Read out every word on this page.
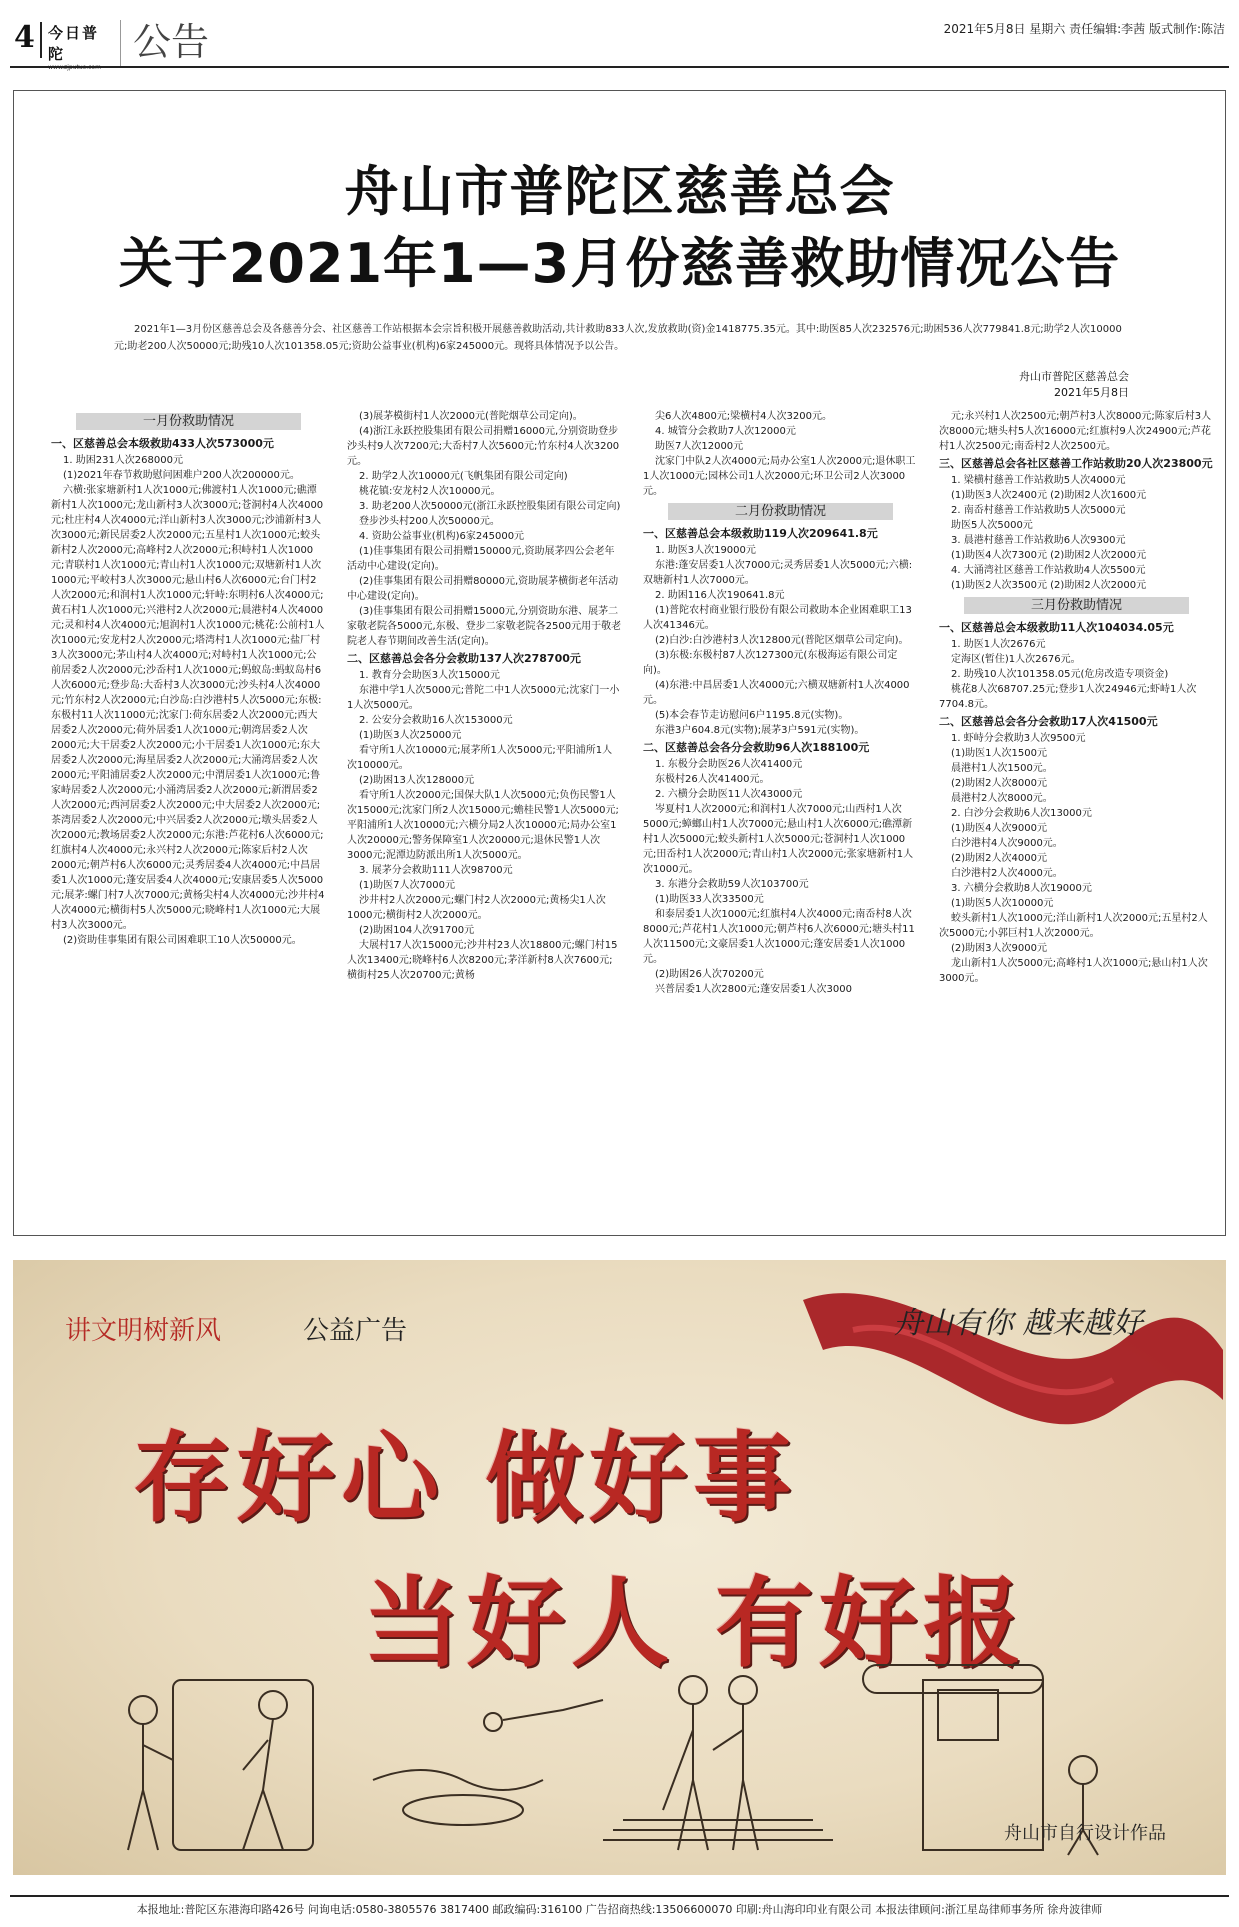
4 今日普陀	公告	2021年5月8日 星期六 责任编辑:李茜 版式制作:陈洁
舟山市普陀区慈善总会
关于2021年1—3月份慈善救助情况公告
2021年1—3月份区慈善总会及各慈善分会、社区慈善工作站根据本会宗旨积极开展慈善救助活动,共计救助833人次,发放救助(资)金1418775.35元。其中:助医85人次232576元;助困536人次779841.8元;助学2人次10000元;助老200人次50000元;助残10人次101358.05元;资助公益事业(机构)6家245000元。现将具体情况予以公告。
舟山市普陀区慈善总会
2021年5月8日
一月份救助情况

一、区慈善总会本级救助433人次573000元

1. 助困231人次268000元

(1)2021年春节救助慰问困难户200人次200000元。

六横:张家塘新村1人次1000元;佛渡村1人次1000元;礁潭新村1人次1000元;龙山新村3人次3000元;苍洞村4人次4000元;杜庄村4人次4000元;洋山新村3人次3000元;沙浦新村3人次3000元;新民居委2人次2000元;五星村1人次1000元;蛟头新村2人次2000元;高峰村2人次2000元;积峙村1人次1000元;青联村1人次1000元;青山村1人次1000元;双塘新村1人次1000元;平峧村3人次3000元;悬山村6人次6000元;台门村2人次2000元;和润村1人次1000元;轩峙:东明村6人次4000元;黄石村1人次1000元;兴港村2人次2000元;晨港村4人次4000元;灵和村4人次4000元;旭润村1人次1000元;桃花:公前村1人次1000元;安龙村2人次2000元;塔湾村1人次1000元;盐厂村3人次3000元;茅山村4人次4000元;对峙村1人次1000元;公前居委2人次2000元;沙岙村1人次1000元;蚂蚁岛:蚂蚁岛村6人次6000元;登步岛:大岙村3人次3000元;沙头村4人次4000元;竹东村2人次2000元;白沙岛:白沙港村5人次5000元;东极:东极村11人次11000元;沈家门:荷东居委2人次2000元;西大居委2人次2000元;荷外居委1人次1000元;朝湾居委2人次2000元;大干居委2人次2000元;小干居委1人次1000元;东大居委2人次2000元;海星居委2人次2000元;大涌湾居委2人次2000元;平阳浦居委2人次2000元;中渭居委1人次1000元;鲁家峙居委2人次2000元;小涌湾居委2人次2000元;新渭居委2人次2000元;西河居委2人次2000元;中大居委2人次2000元;茶湾居委2人次2000元;中兴居委2人次2000元;墩头居委2人次2000元;教场居委2人次2000元;东港:芦花村6人次6000元;红旗村4人次4000元;永兴村2人次2000元;陈家后村2人次2000元;朝芦村6人次6000元;灵秀居委4人次4000元;中昌居委1人次1000元;蓬安居委4人次4000元;安康居委5人次5000元;展茅:螺门村7人次7000元;黄杨尖村4人次4000元;沙井村4人次4000元;横街村5人次5000元;晓峰村1人次1000元;大展村3人次3000元。

(2)资助佳事集团有限公司困难职工10人次50000元。

(3)展茅模街村1人次2000元(普陀烟草公司定向)。

(4)浙江永跃控股集团有限公司捐赠16000元,分别资助登步沙头村9人次7200元;大岙村7人次5600元;竹东村4人次3200元。

2. 助学2人次10000元(飞帆集团有限公司定向)

桃花镇:安龙村2人次10000元。

3. 助老200人次50000元(浙江永跃控股集团有限公司定向)

登步沙头村200人次50000元。

4. 资助公益事业(机构)6家245000元

(1)佳事集团有限公司捐赠150000元,资助展茅四公会老年活动中心建设(定向)。

(2)佳事集团有限公司捐赠80000元,资助展茅横街老年活动中心建设(定向)。

(3)佳事集团有限公司捐赠15000元,分别资助东港、展茅二家敬老院各5000元,东极、登步二家敬老院各2500元用于敬老院老人春节期间改善生活(定向)。

二、区慈善总会各分会救助137人次278700元

1. 教育分会助医3人次15000元

东港中学1人次5000元;普陀二中1人次5000元;沈家门一小1人次5000元。

2. 公安分会救助16人次153000元

(1)助医3人次25000元

看守所1人次10000元;展茅所1人次5000元;平阳浦所1人次10000元。

(2)助困13人次128000元

看守所1人次2000元;国保大队1人次5000元;负伤民警1人次15000元;沈家门所2人次15000元;蟾桂民警1人次5000元;平阳浦所1人次10000元;六横分局2人次10000元;局办公室1人次20000元;警务保障室1人次20000元;退休民警1人次3000元;泥潭边防派出所1人次5000元。

3. 展茅分会救助111人次98700元

(1)助医7人次7000元

沙井村2人次2000元;螺门村2人次2000元;黄杨尖1人次1000元;横街村2人次2000元。

(2)助困104人次91700元

大展村17人次15000元;沙井村23人次18800元;螺门村15人次13400元;晓峰村6人次8200元;茅洋新村8人次7600元;横街村25人次20700元;黄杨

尖6人次4800元;梁横村4人次3200元。

4. 城管分会救助7人次12000元

助医7人次12000元

沈家门中队2人次4000元;局办公室1人次2000元;退休职工1人次1000元;园林公司1人次2000元;环卫公司2人次3000元。

二月份救助情况

一、区慈善总会本级救助119人次209641.8元

1. 助医3人次19000元

东港:蓬安居委1人次7000元;灵秀居委1人次5000元;六横:双塘新村1人次7000元。

2. 助困116人次190641.8元

(1)普陀农村商业银行股份有限公司救助本企业困难职工13人次41346元。

(2)白沙:白沙港村3人次12800元(普陀区烟草公司定向)。

(3)东极:东极村87人次127300元(东极海运有限公司定向)。

(4)东港:中昌居委1人次4000元;六横双塘新村1人次4000元。

(5)本会春节走访慰问6户1195.8元(实物)。

东港3户604.8元(实物);展茅3户591元(实物)。

二、区慈善总会各分会救助96人次188100元

1. 东极分会助医26人次41400元

东极村26人次41400元。

2. 六横分会助医11人次43000元

岑夏村1人次2000元;和润村1人次7000元;山西村1人次5000元;蟑螂山村1人次7000元;悬山村1人次6000元;礁潭新村1人次5000元;蛟头新村1人次5000元;苍洞村1人次1000元;田岙村1人次2000元;青山村1人次2000元;张家塘新村1人次1000元。

3. 东港分会救助59人次103700元

(1)助医33人次33500元

和泰居委1人次1000元;红旗村4人次4000元;南岙村8人次8000元;芦花村1人次1000元;朝芦村6人次6000元;塘头村11人次11500元;文豪居委1人次1000元;蓬安居委1人次1000元。

(2)助困26人次70200元

兴普居委1人次2800元;蓬安居委1人次3000

元;永兴村1人次2500元;朝芦村3人次8000元;陈家后村3人次8000元;塘头村5人次16000元;红旗村9人次24900元;芦花村1人次2500元;南岙村2人次2500元。

三、区慈善总会各社区慈善工作站救助20人次23800元

1. 梁横村慈善工作站救助5人次4000元

(1)助医3人次2400元 (2)助困2人次1600元

2. 南岙村慈善工作站救助5人次5000元

助医5人次5000元

3. 晨港村慈善工作站救助6人次9300元

(1)助医4人次7300元 (2)助困2人次2000元

4. 大涌湾社区慈善工作站救助4人次5500元

(1)助医2人次3500元 (2)助困2人次2000元

三月份救助情况

一、区慈善总会本级救助11人次104034.05元

1. 助医1人次2676元

定海区(暂住)1人次2676元。

2. 助残10人次101358.05元(危房改造专项资金)

桃花8人次68707.25元;登步1人次24946元;虾峙1人次7704.8元。

二、区慈善总会各分会救助17人次41500元

1. 虾峙分会救助3人次9500元

(1)助医1人次1500元

晨港村1人次1500元。

(2)助困2人次8000元

晨港村2人次8000元。

2. 白沙分会救助6人次13000元

(1)助医4人次9000元

白沙港村4人次9000元。

(2)助困2人次4000元

白沙港村2人次4000元。

3. 六横分会救助8人次19000元

(1)助医5人次10000元

蛟头新村1人次1000元;洋山新村1人次2000元;五星村2人次5000元;小郭巨村1人次2000元。

(2)助困3人次9000元

龙山新村1人次5000元;高峰村1人次1000元;悬山村1人次3000元。

讲文明树新风	公益广告	舟山有你 越来越好
存好心 做好事
当好人 有好报
舟山市自行设计作品
本报地址:普陀区东港海印路426号 问询电话:0580-3805576 3817400 邮政编码:316100 广告招商热线:13506600070 印刷:舟山海印印业有限公司 本报法律顾问:浙江星岛律师事务所 徐舟波律师
